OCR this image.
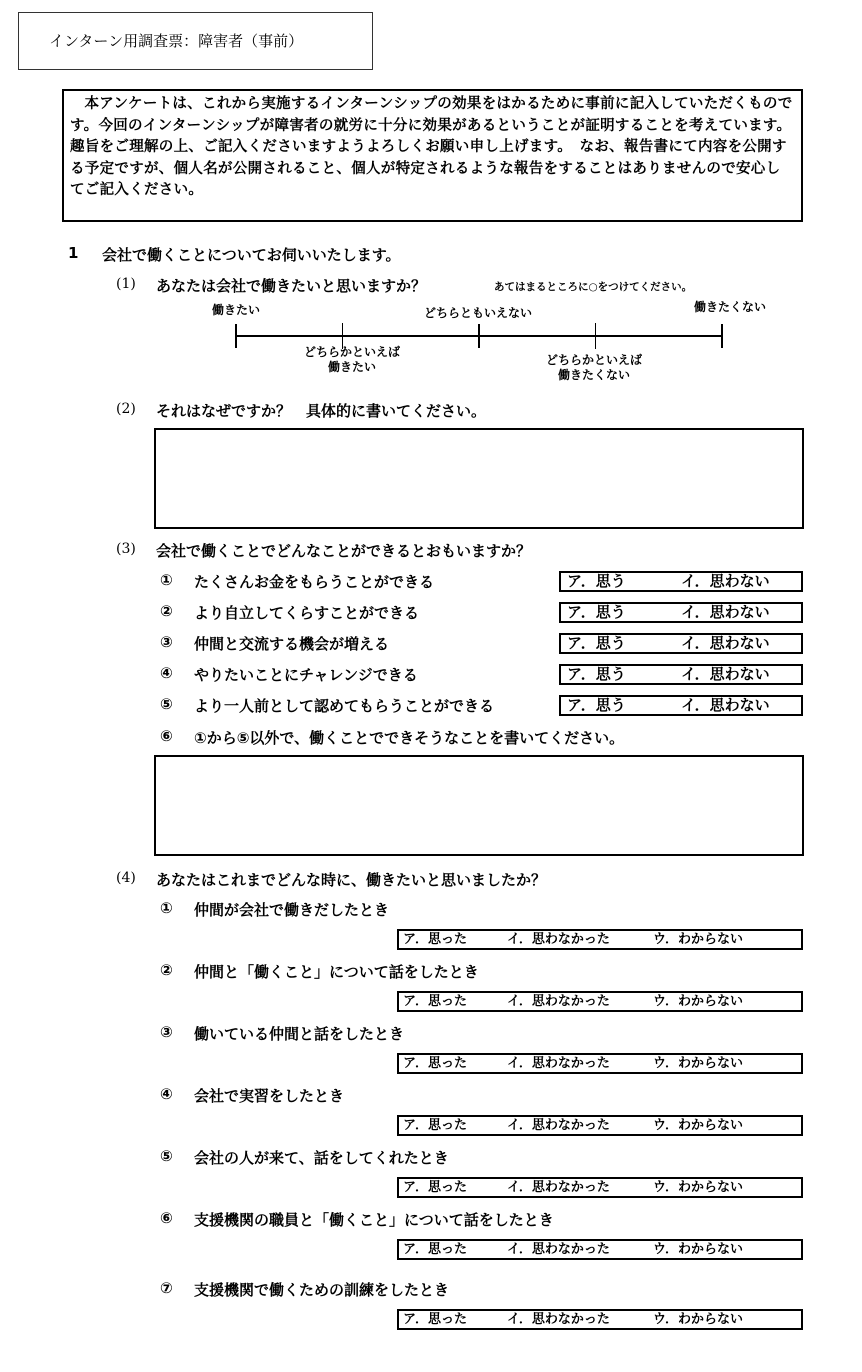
インターン用調査票：障害者（事前）
本アンケートは、これから実施するインターンシップの効果をはかるために事前に記入していただくものです。今回のインターンシップが障害者の就労に十分に効果があるということが証明することを考えています。趣旨をご理解の上、ご記入くださいますようよろしくお願い申し上げます。　なお、報告書にて内容を公開する予定ですが、個人名が公開されること、個人が特定されるような報告をすることはありませんので安心してご記入ください。
1 会社で働くことについてお伺いいたします。
(1) あなたは会社で働きたいと思いますか？	あてはまるところに○をつけてください。
働きたい	どちらともいえない	働きたくない
どちらかといえば
働きたい	どちらかといえば
働きたくない
(2) それはなぜですか？　具体的に書いてください。
(3) 会社で働くことでどんなことができるとおもいますか？
① たくさんお金をもらうことができる	ア．思う	イ．思わない
② より自立してくらすことができる	ア．思う	イ．思わない
③ 仲間と交流する機会が増える	ア．思う	イ．思わない
④ やりたいことにチャレンジできる	ア．思う	イ．思わない
⑤ より一人前として認めてもらうことができる	ア．思う	イ．思わない
⑥ ①から⑤以外で、働くことでできそうなことを書いてください。
(4) あなたはこれまでどんな時に、働きたいと思いましたか？
① 仲間が会社で働きだしたとき
ア．思った	イ．思わなかった	ウ．わからない
② 仲間と「働くこと」について話をしたとき
ア．思った	イ．思わなかった	ウ．わからない
③ 働いている仲間と話をしたとき
ア．思った	イ．思わなかった	ウ．わからない
④ 会社で実習をしたとき
ア．思った	イ．思わなかった	ウ．わからない
⑤ 会社の人が来て、話をしてくれたとき
ア．思った	イ．思わなかった	ウ．わからない
⑥ 支援機関の職員と「働くこと」について話をしたとき
ア．思った	イ．思わなかった	ウ．わからない
⑦ 支援機関で働くための訓練をしたとき
ア．思った	イ．思わなかった	ウ．わからない
